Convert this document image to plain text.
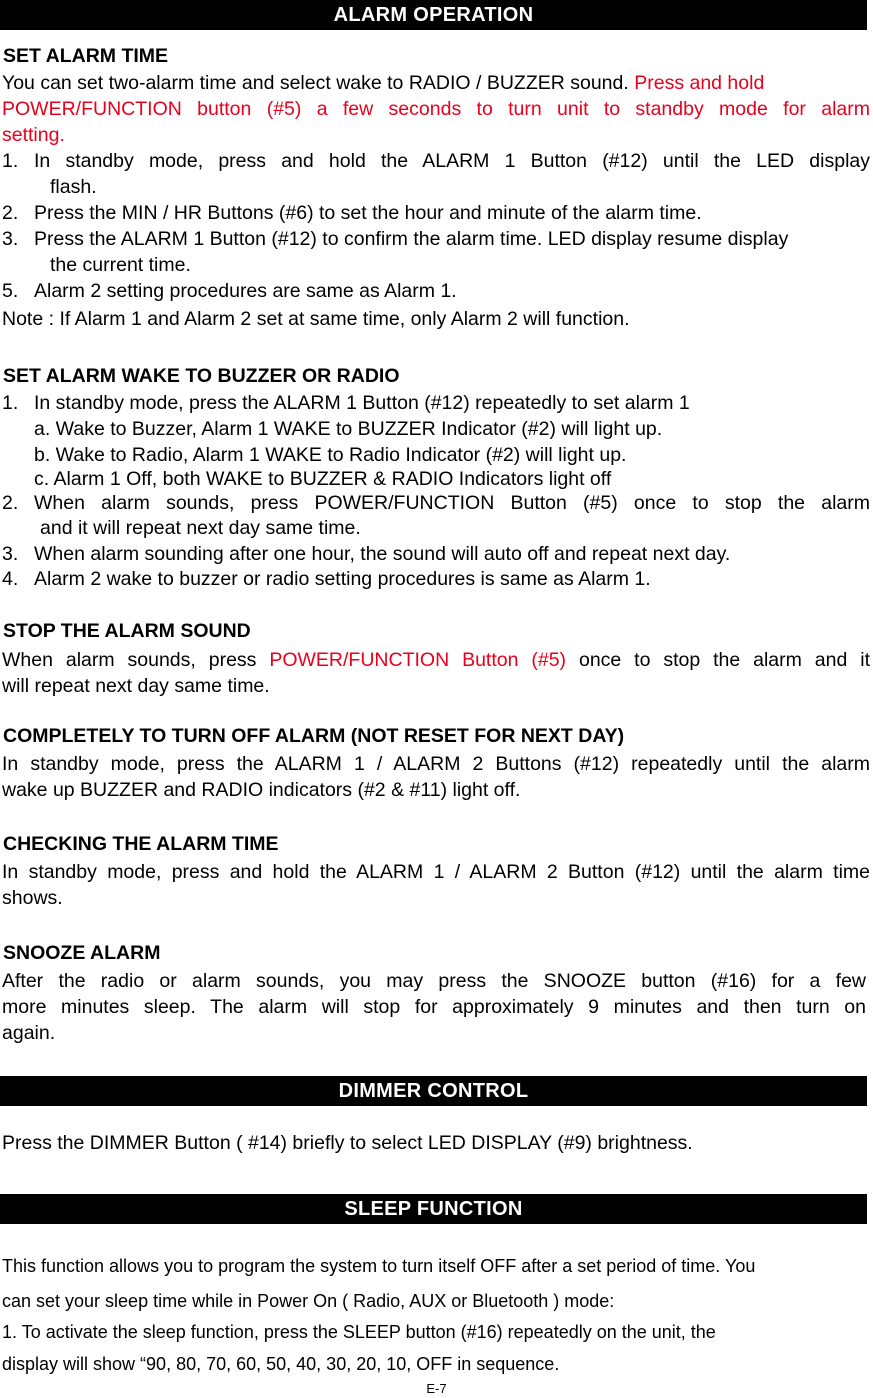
ALARM OPERATION
SET ALARM TIME
You can set two-alarm time and select wake to RADIO / BUZZER sound. Press and hold
POWER/FUNCTION button (#5) a few seconds to turn unit to standby mode for alarm
setting.
1. In standby mode, press and hold the ALARM 1 Button (#12) until the LED display
flash.
2. Press the MIN / HR Buttons (#6) to set the hour and minute of the alarm time.
3. Press the ALARM 1 Button (#12) to confirm the alarm time. LED display resume display
the current time.
5. Alarm 2 setting procedures are same as Alarm 1.
Note : If Alarm 1 and Alarm 2 set at same time, only Alarm 2 will function.
SET ALARM WAKE TO BUZZER OR RADIO
1. In standby mode, press the ALARM 1 Button (#12) repeatedly to set alarm 1
a. Wake to Buzzer, Alarm 1 WAKE to BUZZER Indicator (#2) will light up.
b. Wake to Radio, Alarm 1 WAKE to Radio Indicator (#2) will light up.
c. Alarm 1 Off, both WAKE to BUZZER & RADIO Indicators light off
2. When alarm sounds, press POWER/FUNCTION Button (#5) once to stop the alarm
and it will repeat next day same time.
3. When alarm sounding after one hour, the sound will auto off and repeat next day.
4. Alarm 2 wake to buzzer or radio setting procedures is same as Alarm 1.
STOP THE ALARM SOUND
When alarm sounds, press POWER/FUNCTION Button (#5) once to stop the alarm and it
will repeat next day same time.
COMPLETELY TO TURN OFF ALARM (NOT RESET FOR NEXT DAY)
In standby mode, press the ALARM 1 / ALARM 2 Buttons (#12) repeatedly until the alarm
wake up BUZZER and RADIO indicators (#2 & #11) light off.
CHECKING THE ALARM TIME
In standby mode, press and hold the ALARM 1 / ALARM 2 Button (#12) until the alarm time
shows.
SNOOZE ALARM
After the radio or alarm sounds, you may press the SNOOZE button (#16) for a few
more minutes sleep. The alarm will stop for approximately 9 minutes and then turn on
again.
DIMMER CONTROL
Press the DIMMER Button ( #14) briefly to select LED DISPLAY (#9) brightness.
SLEEP FUNCTION
This function allows you to program the system to turn itself OFF after a set period of time. You
can set your sleep time while in Power On ( Radio, AUX or Bluetooth ) mode:
1. To activate the sleep function, press the SLEEP button (#16) repeatedly on the unit, the
display will show “90, 80, 70, 60, 50, 40, 30, 20, 10, OFF in sequence.
E-7
